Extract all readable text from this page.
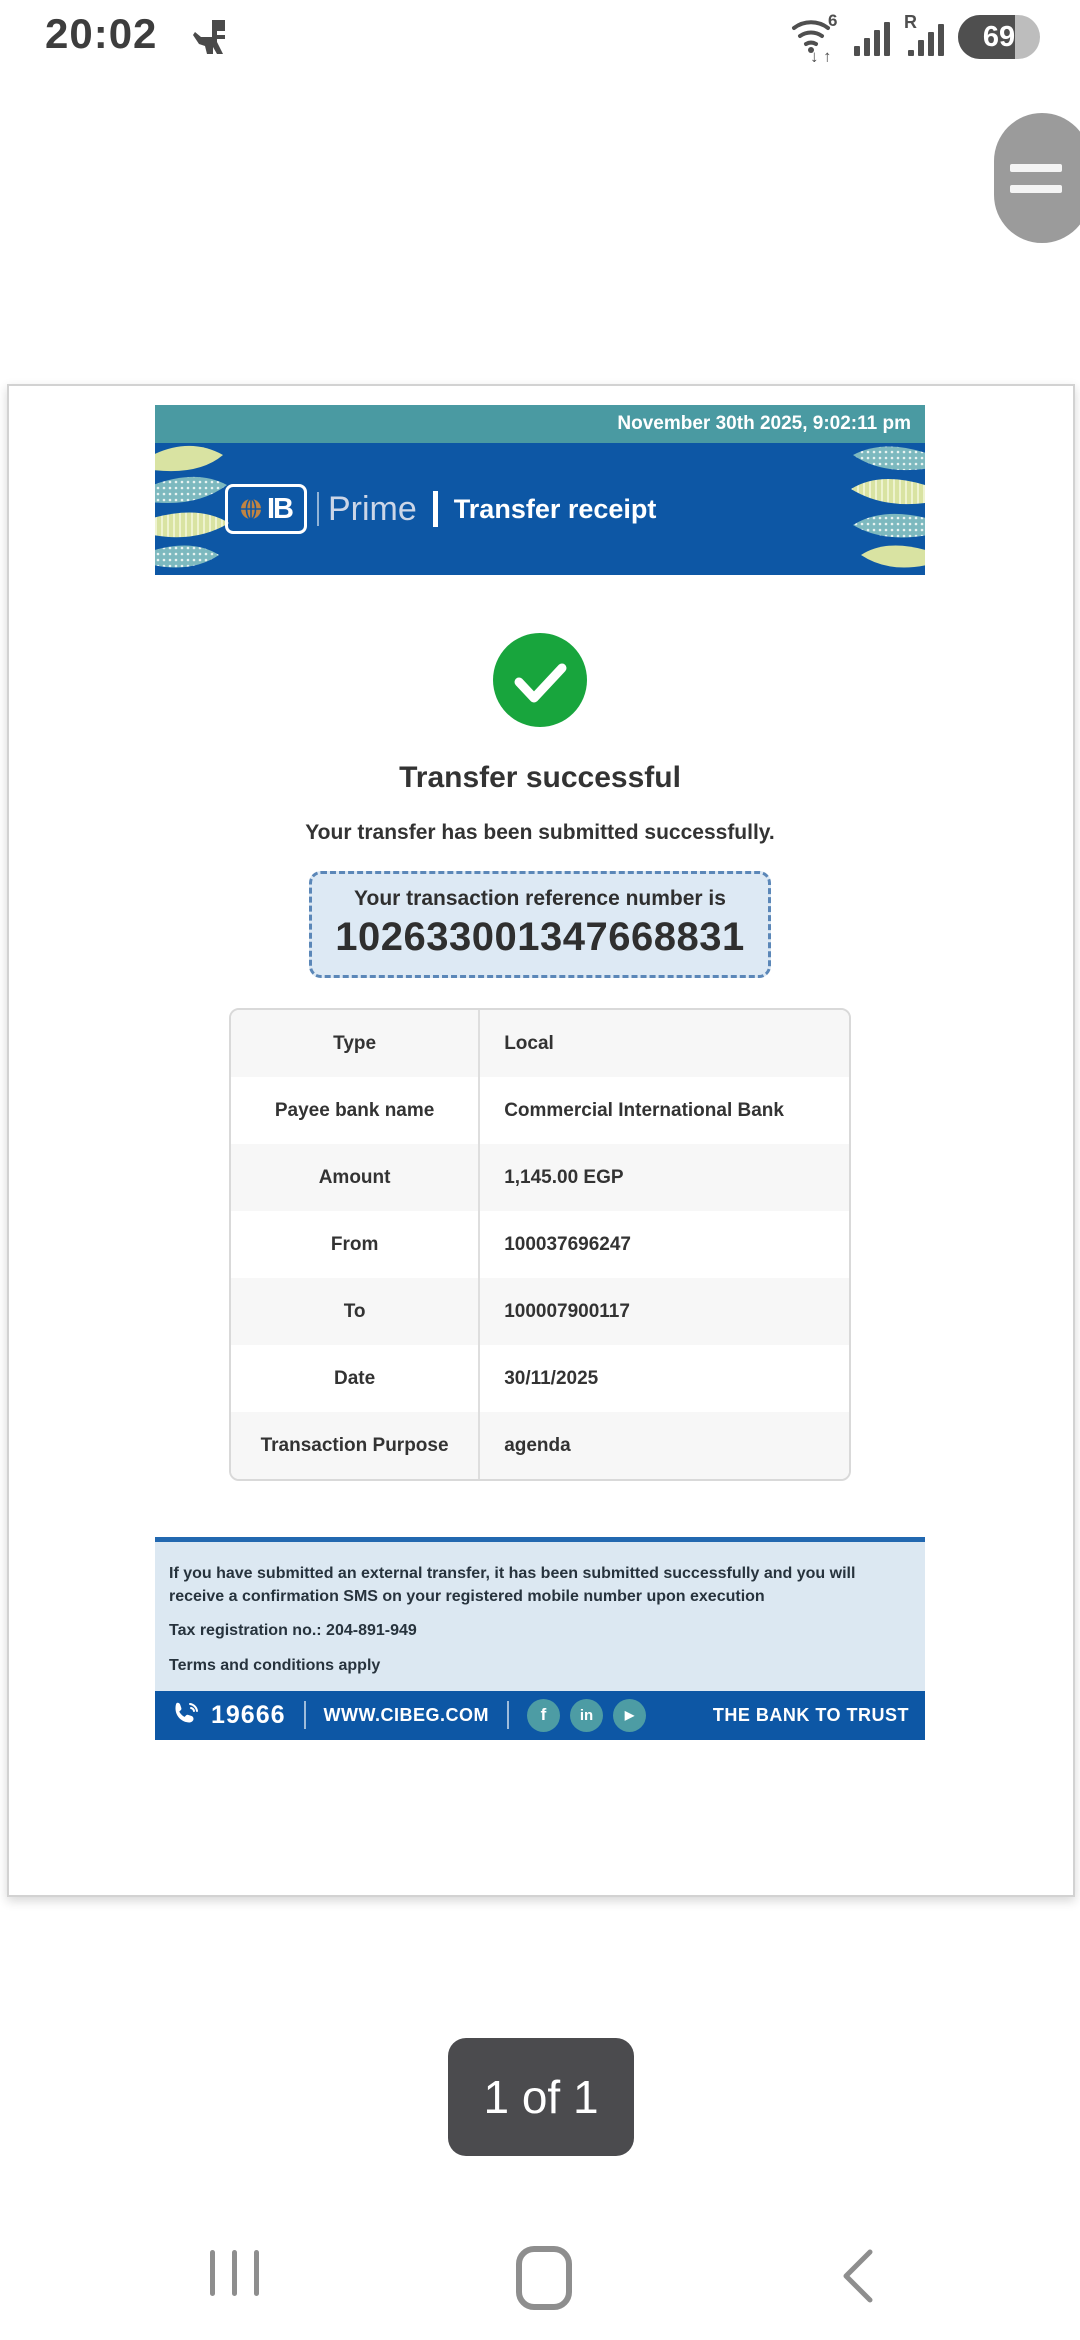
20:02	6
↓ ↑
R	69
November 30th 2025, 9:02:11 pm
IB Prime Transfer receipt
Transfer successful
Your transfer has been submitted successfully.
Your transaction reference number is
102633001347668831
Type	Local
Payee bank name	Commercial International Bank
Amount	1,145.00 EGP
From	100037696247
To	100007900117
Date	30/11/2025
Transaction Purpose	agenda

If you have submitted an external transfer, it has been submitted successfully and you will receive a confirmation SMS on your registered mobile number upon execution

Tax registration no.: 204-891-949

Terms and conditions apply

19666 WWW.CIBEG.COM	f	in	▶	THE BANK TO TRUST
1 of 1
